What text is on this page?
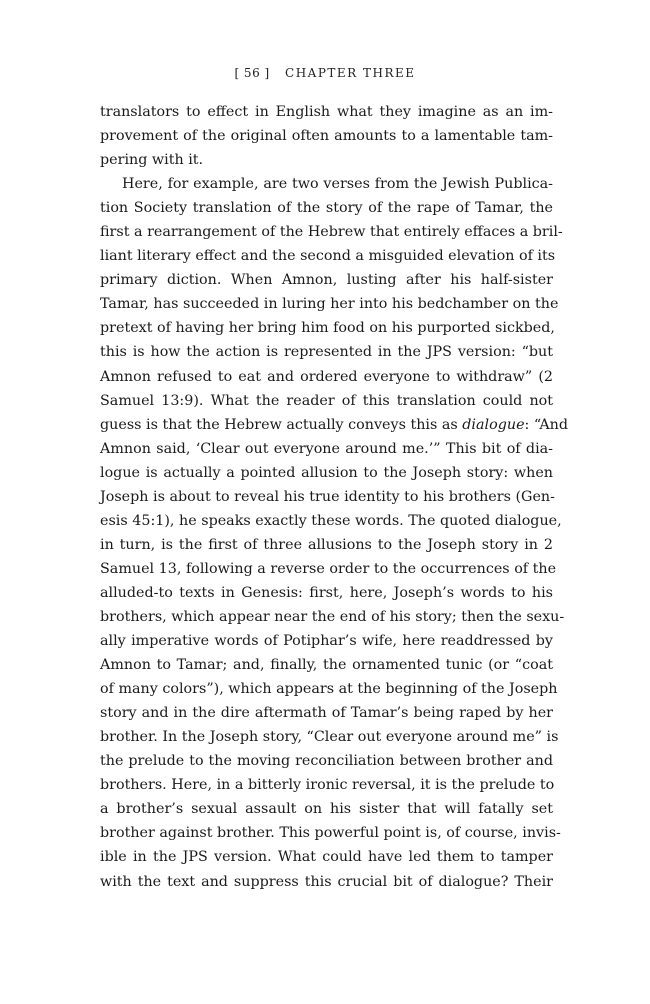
[ 56 ] CHAPTER THREE
translators to effect in English what they imagine as an im-
provement of the original often amounts to a lamentable tam-
pering with it.
Here, for example, are two verses from the Jewish Publica-
tion Society translation of the story of the rape of Tamar, the
first a rearrangement of the Hebrew that entirely effaces a bril-
liant literary effect and the second a misguided elevation of its
primary diction. When Amnon, lusting after his half-sister
Tamar, has succeeded in luring her into his bedchamber on the
pretext of having her bring him food on his purported sickbed,
this is how the action is represented in the JPS version: “but
Amnon refused to eat and ordered everyone to withdraw” (2
Samuel 13:9). What the reader of this translation could not
guess is that the Hebrew actually conveys this as dialogue: “And
Amnon said, ‘Clear out everyone around me.’” This bit of dia-
logue is actually a pointed allusion to the Joseph story: when
Joseph is about to reveal his true identity to his brothers (Gen-
esis 45:1), he speaks exactly these words. The quoted dialogue,
in turn, is the first of three allusions to the Joseph story in 2
Samuel 13, following a reverse order to the occurrences of the
alluded-to texts in Genesis: first, here, Joseph’s words to his
brothers, which appear near the end of his story; then the sexu-
ally imperative words of Potiphar’s wife, here readdressed by
Amnon to Tamar; and, finally, the ornamented tunic (or “coat
of many colors”), which appears at the beginning of the Joseph
story and in the dire aftermath of Tamar’s being raped by her
brother. In the Joseph story, “Clear out everyone around me” is
the prelude to the moving reconciliation between brother and
brothers. Here, in a bitterly ironic reversal, it is the prelude to
a brother’s sexual assault on his sister that will fatally set
brother against brother. This powerful point is, of course, invis-
ible in the JPS version. What could have led them to tamper
with the text and suppress this crucial bit of dialogue? Their
